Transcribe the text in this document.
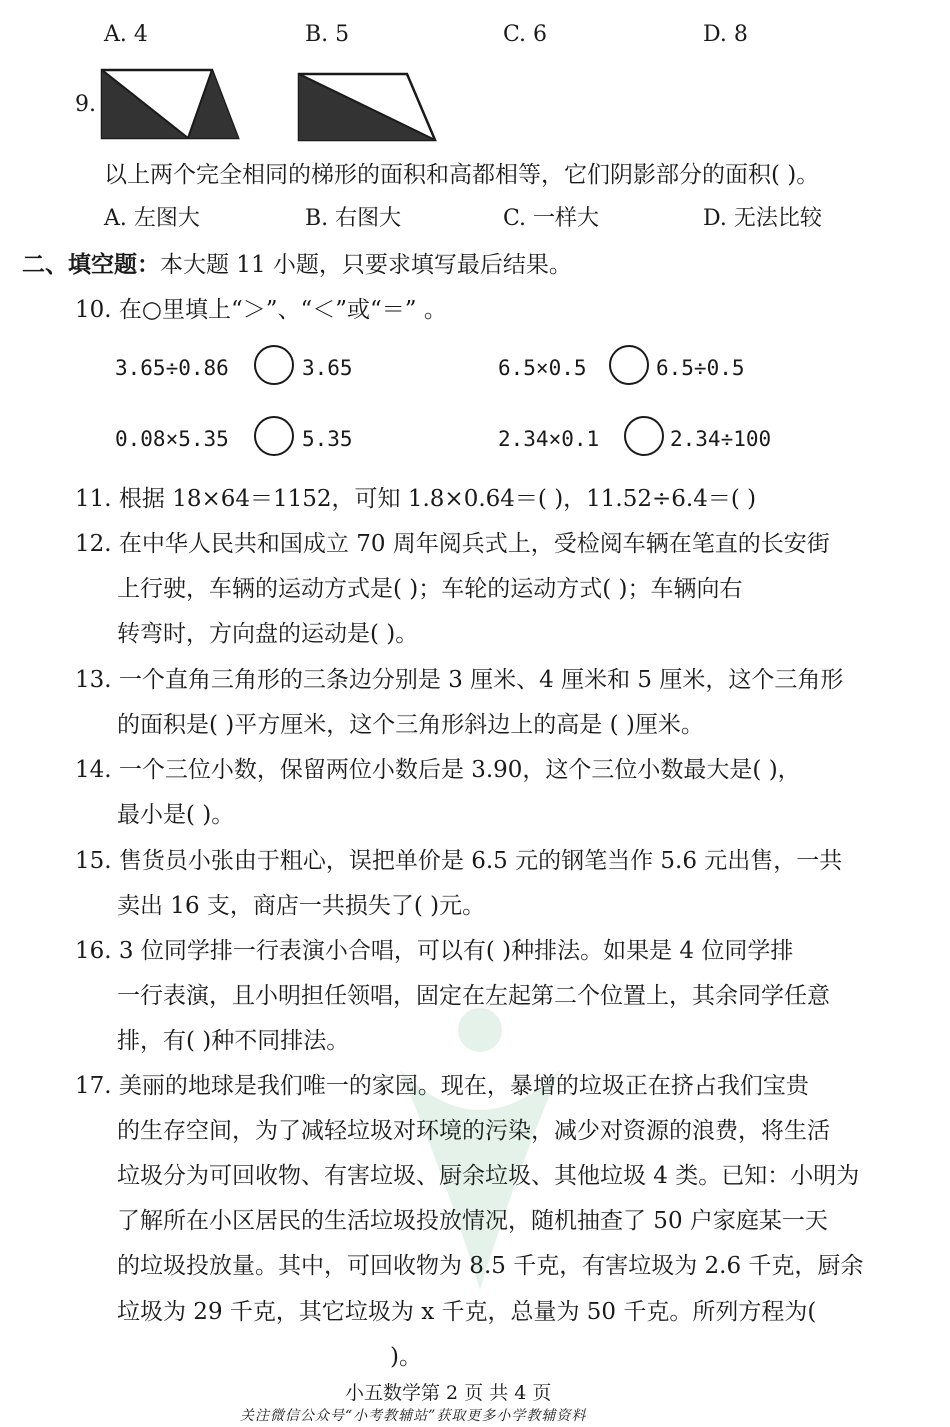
A. 4	B. 5	C. 6	D. 8
9.
以上两个完全相同的梯形的面积和高都相等，它们阴影部分的面积( )。
A. 左图大	B. 右图大	C. 一样大	D. 无法比较
二、填空题：本大题 11 小题，只要求填写最后结果。
10. 在○里填上“＞”、“＜”或“＝” 。
3.65÷0.86	3.65	6.5×0.5	6.5÷0.5
0.08×5.35	5.35	2.34×0.1	2.34÷100
11. 根据 18×64＝1152，可知 1.8×0.64＝( )，11.52÷6.4＝( )
12. 在中华人民共和国成立 70 周年阅兵式上，受检阅车辆在笔直的长安街
上行驶，车辆的运动方式是( )；车轮的运动方式( )；车辆向右
转弯时，方向盘的运动是( )。
13. 一个直角三角形的三条边分别是 3 厘米、4 厘米和 5 厘米，这个三角形
的面积是( )平方厘米，这个三角形斜边上的高是 ( )厘米。
14. 一个三位小数，保留两位小数后是 3.90，这个三位小数最大是( )，
最小是( )。
15. 售货员小张由于粗心，误把单价是 6.5 元的钢笔当作 5.6 元出售，一共
卖出 16 支，商店一共损失了( )元。
16. 3 位同学排一行表演小合唱，可以有( )种排法。如果是 4 位同学排
一行表演，且小明担任领唱，固定在左起第二个位置上，其余同学任意
排，有( )种不同排法。
17. 美丽的地球是我们唯一的家园。现在，暴增的垃圾正在挤占我们宝贵
的生存空间，为了减轻垃圾对环境的污染，减少对资源的浪费，将生活
垃圾分为可回收物、有害垃圾、厨余垃圾、其他垃圾 4 类。已知：小明为
了解所在小区居民的生活垃圾投放情况，随机抽查了 50 户家庭某一天
的垃圾投放量。其中，可回收物为 8.5 千克，有害垃圾为 2.6 千克，厨余
垃圾为 29 千克，其它垃圾为 x 千克，总量为 50 千克。所列方程为(
)。
小五数学第 2 页 共 4 页
关注微信公众号“小考教辅站”获取更多小学教辅资料
